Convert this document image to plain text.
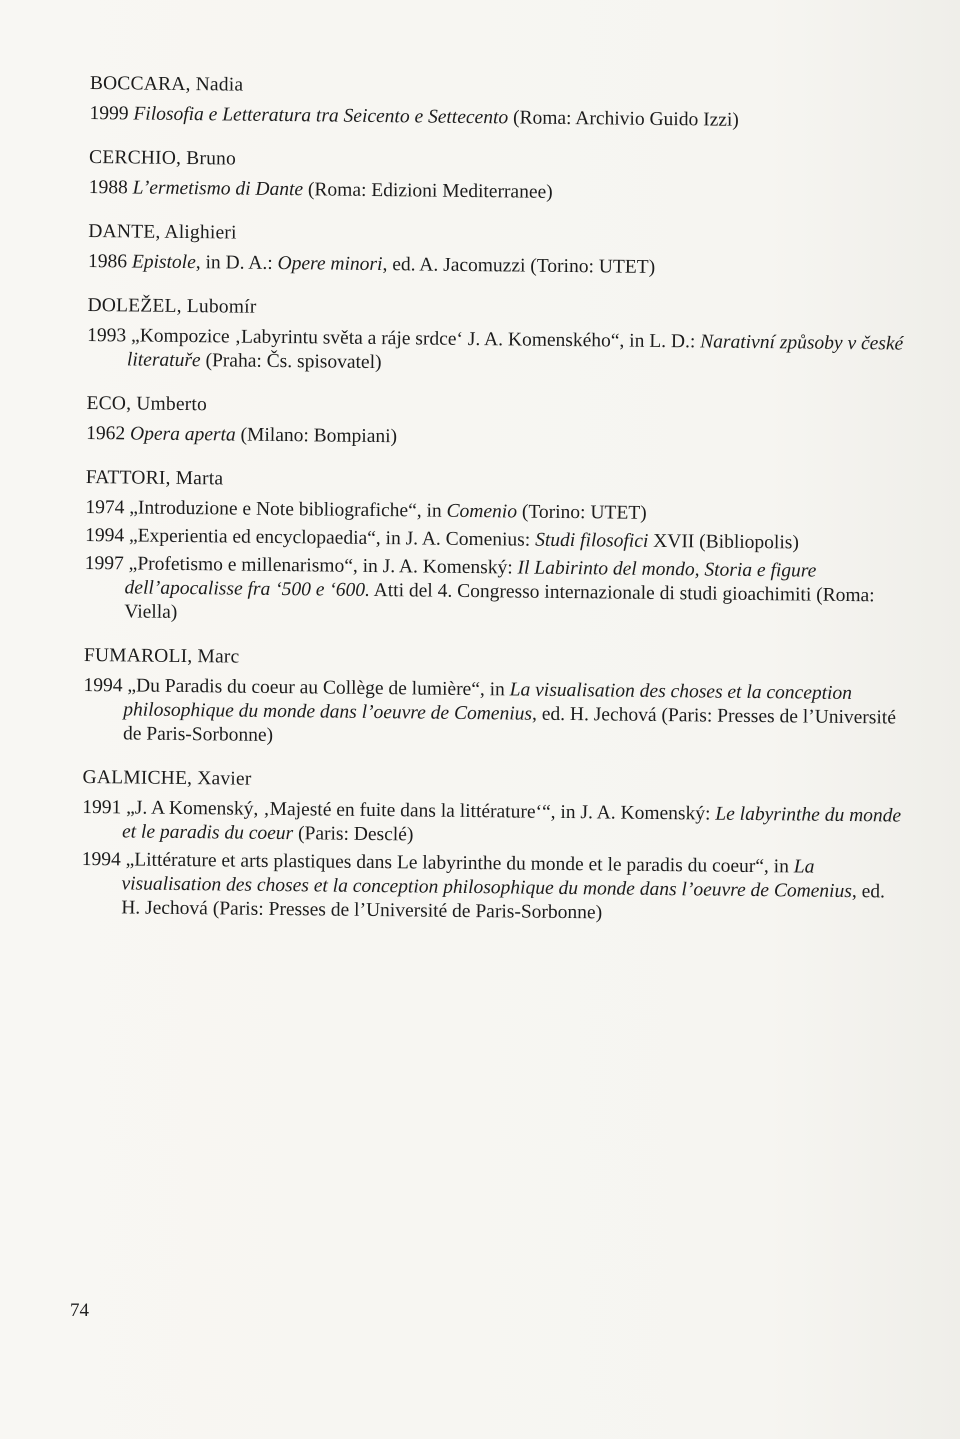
BOCCARA, Nadia
1999 Filosofia e Letteratura tra Seicento e Settecento (Roma: Archivio Guido Izzi)
CERCHIO, Bruno
1988 L’ermetismo di Dante (Roma: Edizioni Mediterranee)
DANTE, Alighieri
1986 Epistole, in D. A.: Opere minori, ed. A. Jacomuzzi (Torino: UTET)
DOLEŽEL, Lubomír
1993 „Kompozice ‚Labyrintu světa a ráje srdce‘ J. A. Komenského“, in L. D.: Narativní způsoby v české literatuře (Praha: Čs. spisovatel)
ECO, Umberto
1962 Opera aperta (Milano: Bompiani)
FATTORI, Marta
1974 „Introduzione e Note bibliografiche“, in Comenio (Torino: UTET)
1994 „Experientia ed encyclopaedia“, in J. A. Comenius: Studi filosofici XVII (Bibliopolis)
1997 „Profetismo e millenarismo“, in J. A. Komenský: Il Labirinto del mondo, Storia e figure dell’apocalisse fra ‘500 e ‘600. Atti del 4. Congresso internazionale di studi gioachimiti (Roma: Viella)
FUMAROLI, Marc
1994 „Du Paradis du coeur au Collège de lumière“, in La visualisation des choses et la conception philosophique du monde dans l’oeuvre de Comenius, ed. H. Jechová (Paris: Presses de l’Université de Paris-Sorbonne)
GALMICHE, Xavier
1991 „J. A Komenský, ‚Majesté en fuite dans la littérature‘“, in J. A. Komenský: Le labyrinthe du monde et le paradis du coeur (Paris: Desclé)
1994 „Littérature et arts plastiques dans Le labyrinthe du monde et le paradis du coeur“, in La visualisation des choses et la conception philosophique du monde dans l’oeuvre de Comenius, ed. H. Jechová (Paris: Presses de l’Université de Paris-Sorbonne)
74
